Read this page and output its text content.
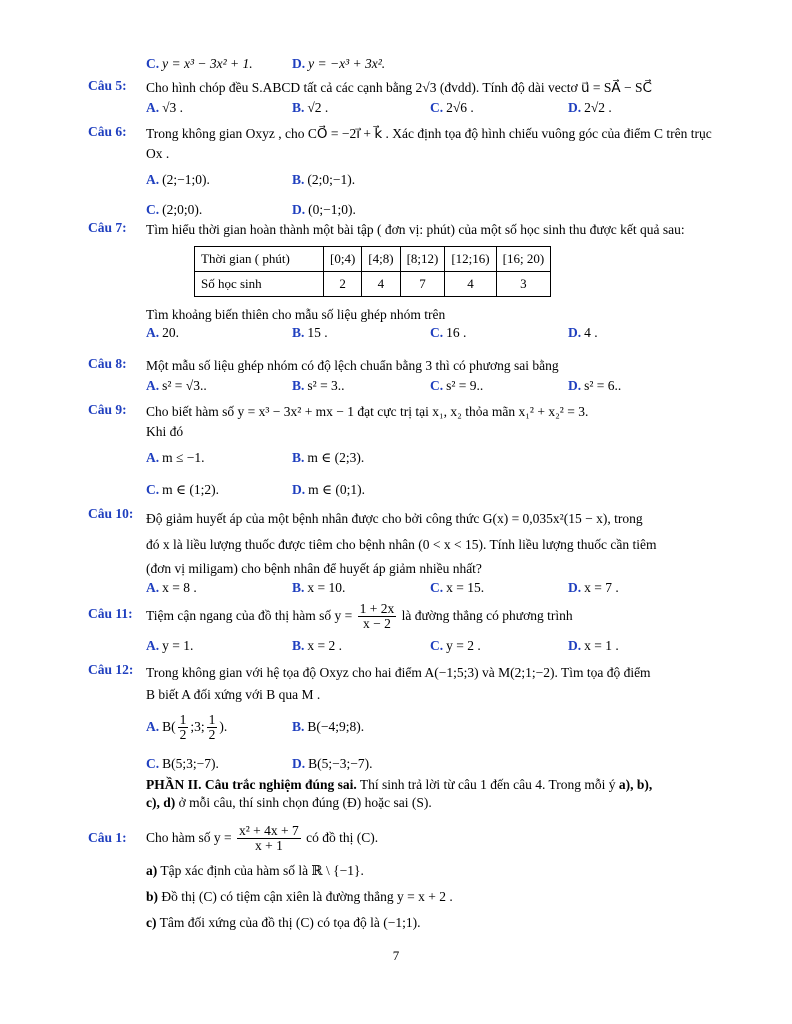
C. y = x³ − 3x² + 1.	D. y = −x³ + 3x².
Câu 5:	Cho hình chóp đều S.ABCD tất cả các cạnh bằng 2√3 (đvdd). Tính độ dài vectơ u⃗ = SA⃗ − SC⃗
A. √3 .	B. √2 .	C. 2√6 .	D. 2√2 .
Câu 6:	Trong không gian Oxyz , cho CO⃗ = −2i⃗ + k⃗ . Xác định tọa độ hình chiếu vuông góc của điểm C trên trục Ox .
A. (2;−1;0).	B. (2;0;−1).
C. (2;0;0).	D. (0;−1;0).
Câu 7:	Tìm hiểu thời gian hoàn thành một bài tập ( đơn vị: phút) của một số học sinh thu được kết quả sau:
Thời gian ( phút)	[0;4)	[4;8)	[8;12)	[12;16)	[16; 20)
Số học sinh	2	4	7	4	3
Tìm khoảng biến thiên cho mẫu số liệu ghép nhóm trên
A. 20.	B. 15 .	C. 16 .	D. 4 .
Câu 8:	Một mẫu số liệu ghép nhóm có độ lệch chuẩn bằng 3 thì có phương sai bằng
A. s² = √3..	B. s² = 3..	C. s² = 9..	D. s² = 6..
Câu 9:	Cho biết hàm số y = x³ − 3x² + mx − 1 đạt cực trị tại x₁, x₂ thỏa mãn x₁² + x₂² = 3.
Khi đó
A. m ≤ −1.	B. m ∈ (2;3).
C. m ∈ (1;2).	D. m ∈ (0;1).
Câu 10: Độ giảm huyết áp của một bệnh nhân được cho bởi công thức G(x) = 0,035x²(15 − x), trong
đó x là liều lượng thuốc được tiêm cho bệnh nhân (0 < x < 15). Tính liều lượng thuốc cần tiêm
(đơn vị miligam) cho bệnh nhân để huyết áp giảm nhiều nhất?
A. x = 8 .	B. x = 10.	C. x = 15.	D. x = 7 .
Câu 11: Tiệm cận ngang của đồ thị hàm số $y = \frac{1 + 2x}{x - 2}$ là đường thẳng có phương trình
A. y = 1.	B. x = 2 .	C. y = 2 .	D. x = 1 .
Câu 12: Trong không gian với hệ tọa độ Oxyz cho hai điểm A(−1;5;3) và M(2;1;−2). Tìm tọa độ điểm
B biết A đối xứng với B qua M .
A. $B( \frac{1}{2}$ ;3; $\frac{1}{2}$ ).	B. B(−4;9;8).
C. B(5;3;−7).	D. B(5;−3;−7).
PHẦN II. Câu trắc nghiệm đúng sai. Thí sinh trả lời từ câu 1 đến câu 4. Trong mỗi ý a), b),
c), d) ở mỗi câu, thí sinh chọn đúng (Đ) hoặc sai (S).
Câu 1:	Cho hàm số $y = \frac{\text{x² + 4x + 7}}{x + 1}$ có đồ thị (C).
a) Tập xác định của hàm số là ℝ \ {−1}.
b) Đồ thị (C) có tiệm cận xiên là đường thẳng y = x + 2 .
c) Tâm đối xứng của đồ thị (C) có tọa độ là (−1;1).
7
